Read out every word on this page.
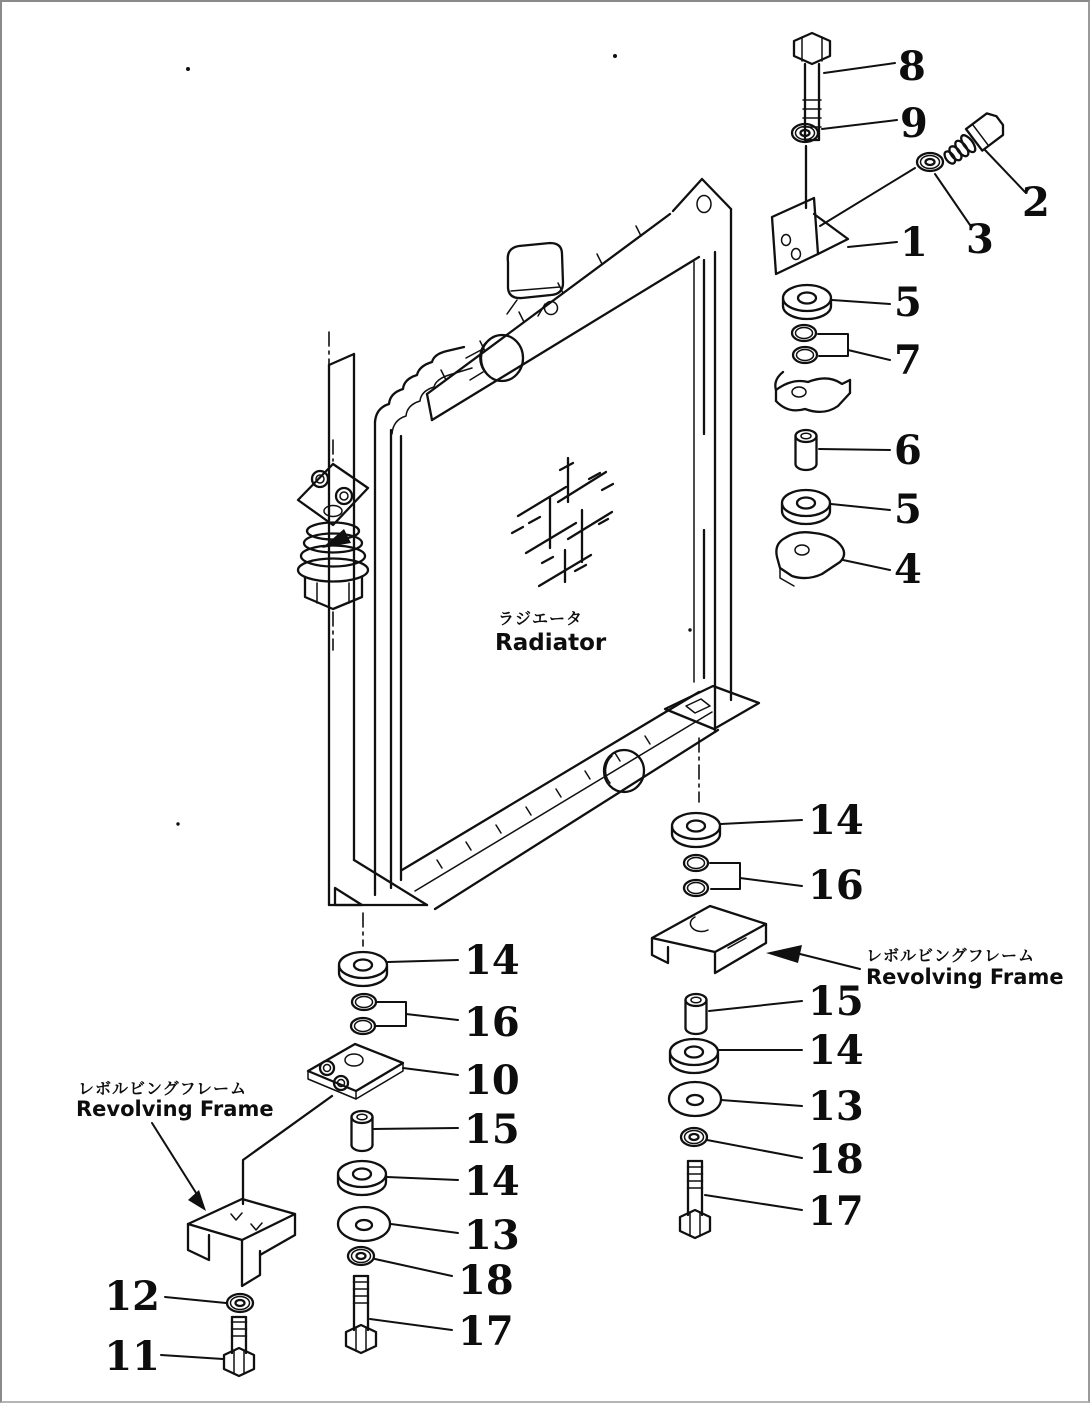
ラジエータ
Radiator
8
9
2
3
1
5
7
6
5
4
レボルビングフレーム
Revolving Frame
14
16
15
14
13
18
17
14
16
10
15
14
13
18
17
レボルビングフレーム
Revolving Frame
12
11
